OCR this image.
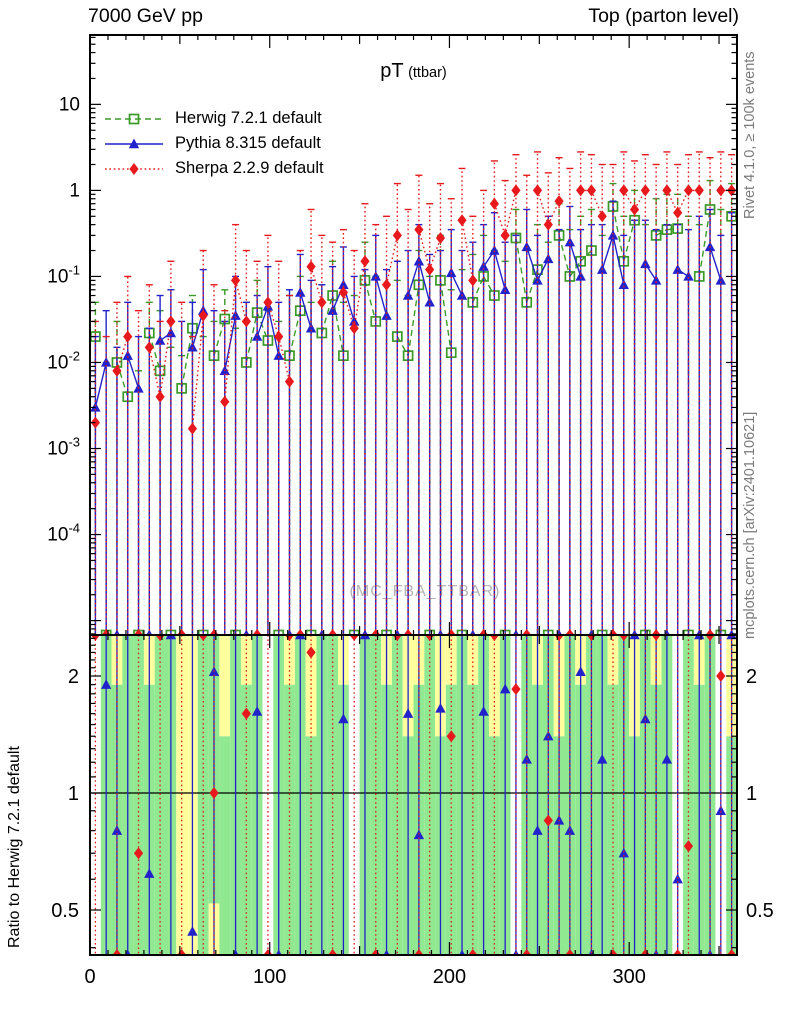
(MC_FBA_TTBAR)
10
1
$10^{-1}$
$10^{-2}$
$10^{-3}$
$10^{-4}$
0.5	0.5
1	1
2	2
0	100	200	300
7000 GeV pp	Top (parton level)
pT (ttbar)
Herwig 7.2.1 default
Pythia 8.315 default
Sherpa 2.2.9 default	Rivet 4.1.0, ≥ 100k events
mcplots.cern.ch [arXiv:2401.10621]
Ratio to Herwig 7.2.1 default
